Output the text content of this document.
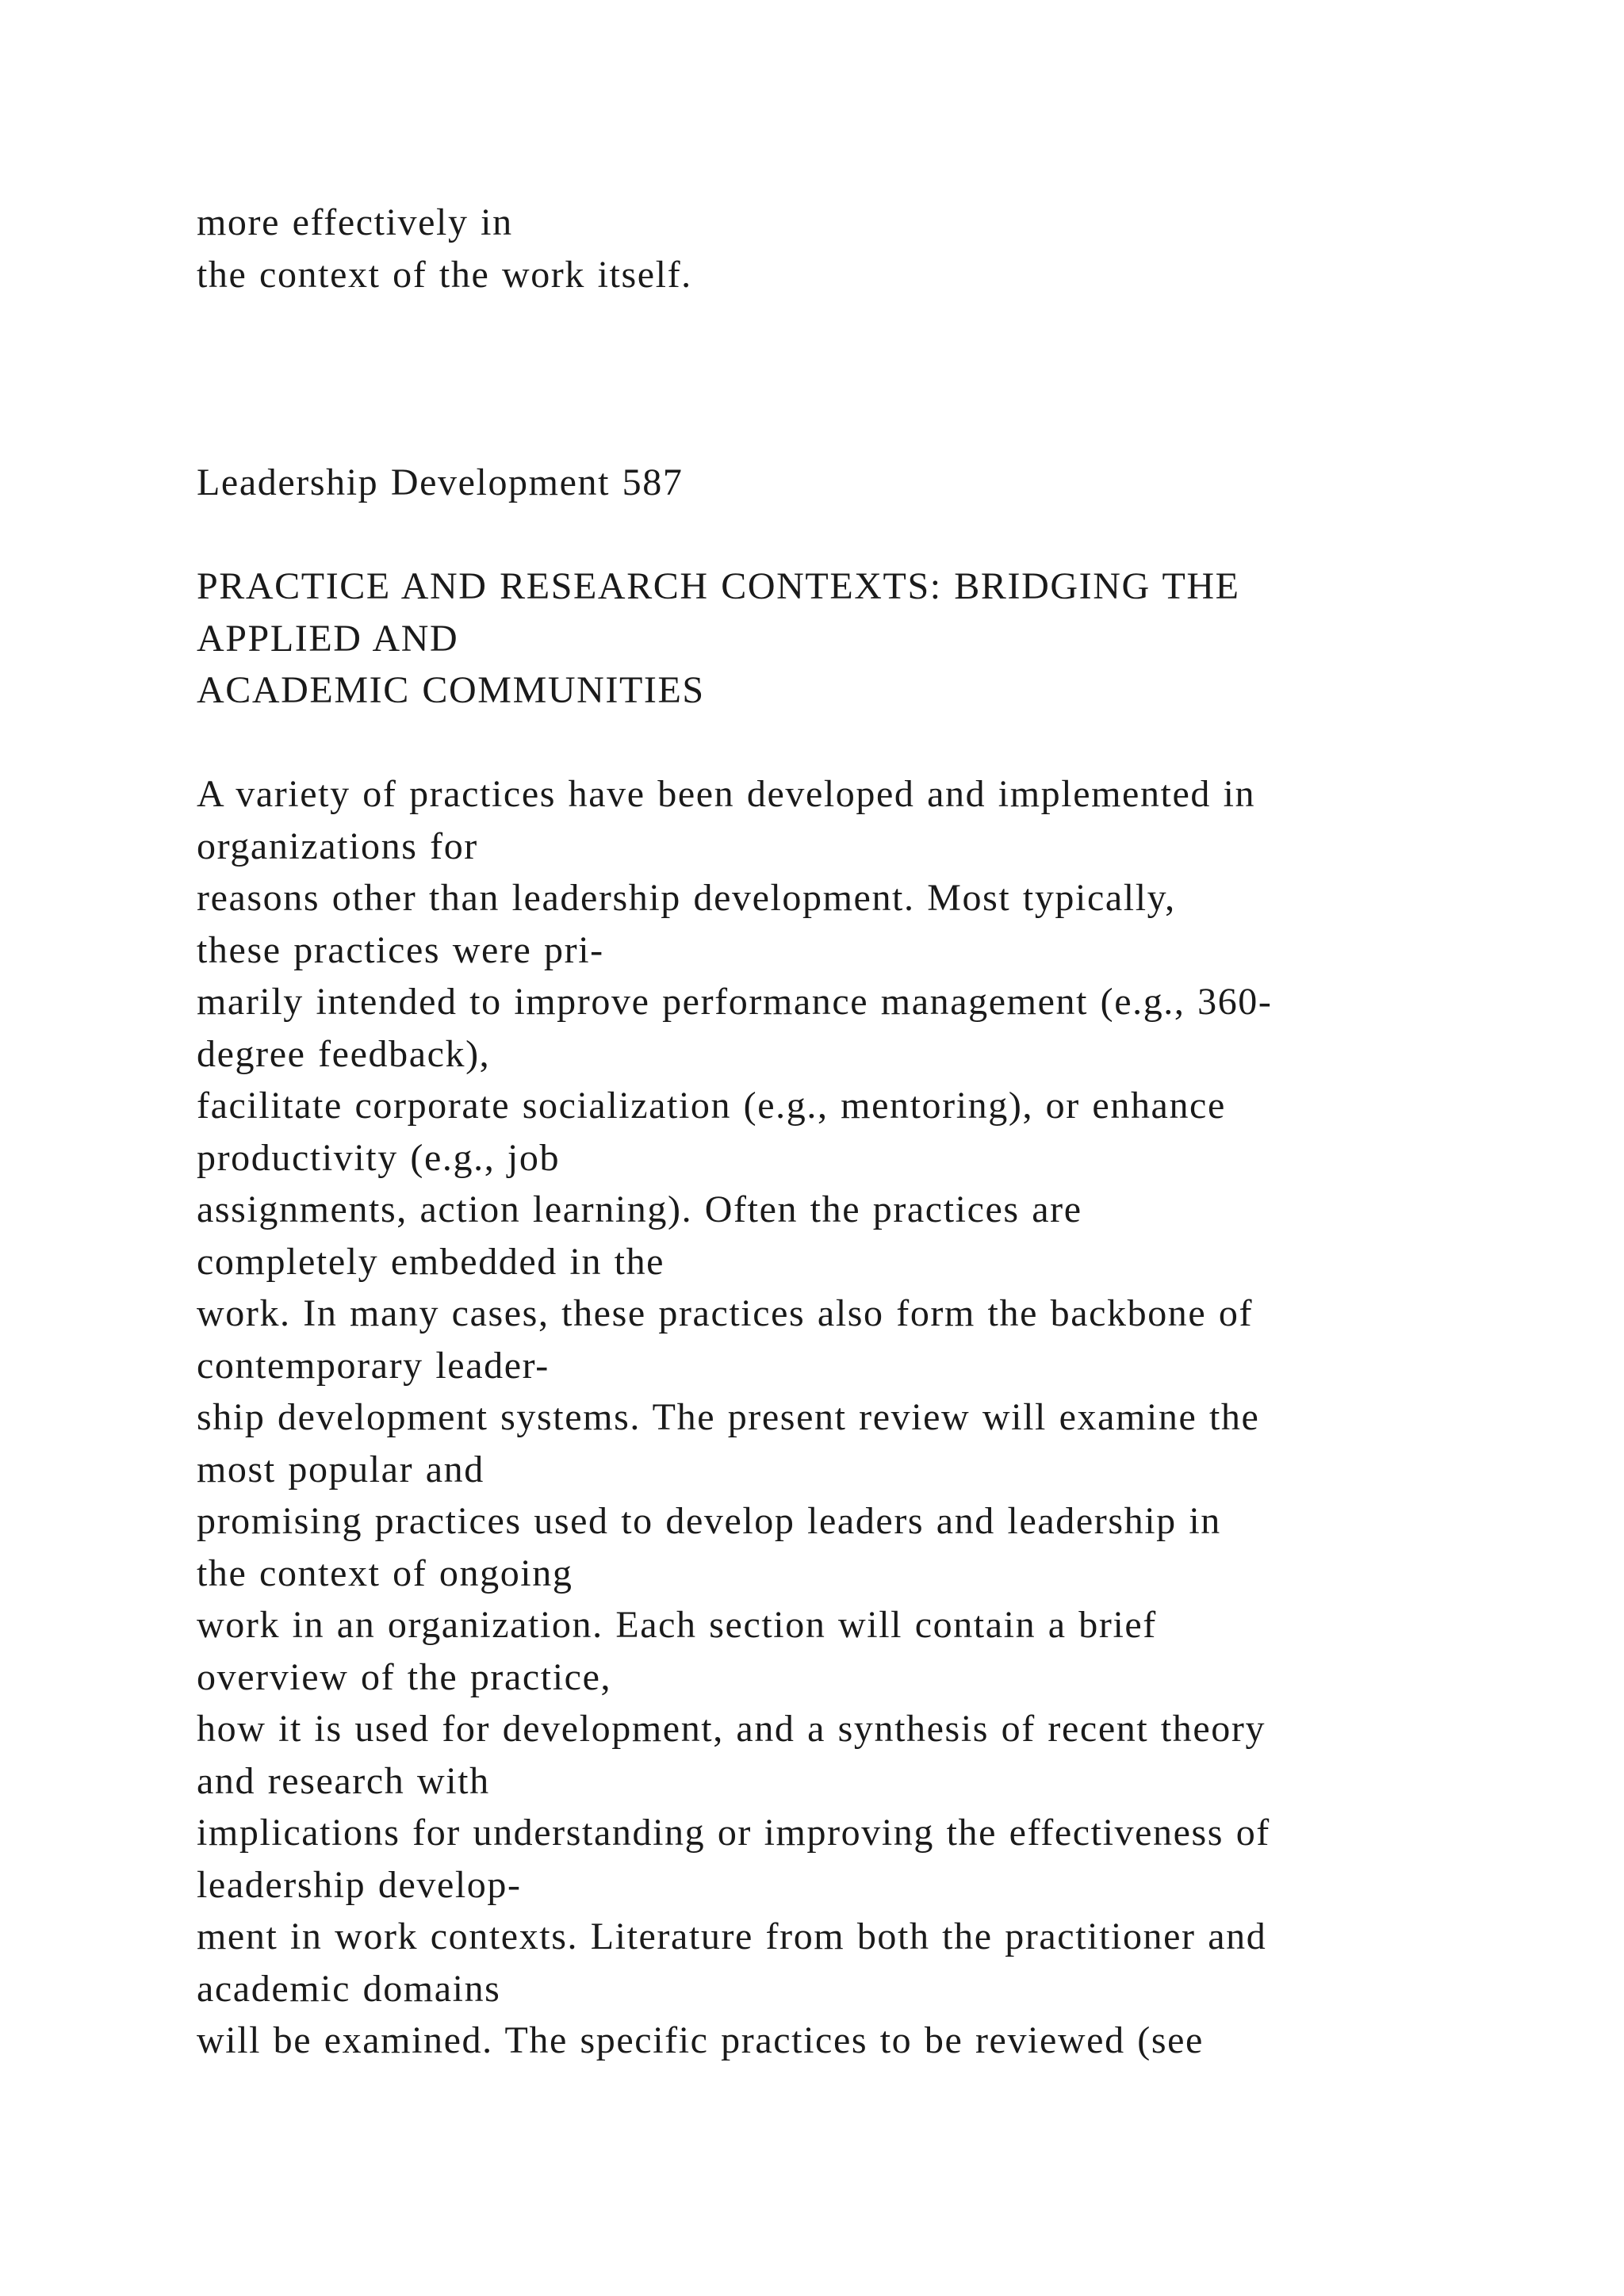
more effectively in
the context of the work itself.
Leadership Development 587
PRACTICE AND RESEARCH CONTEXTS: BRIDGING THE
APPLIED AND
ACADEMIC COMMUNITIES
A variety of practices have been developed and implemented in
organizations for
reasons other than leadership development. Most typically,
these practices were pri-
marily intended to improve performance management (e.g., 360-
degree feedback),
facilitate corporate socialization (e.g., mentoring), or enhance
productivity (e.g., job
assignments, action learning). Often the practices are
completely embedded in the
work. In many cases, these practices also form the backbone of
contemporary leader-
ship development systems. The present review will examine the
most popular and
promising practices used to develop leaders and leadership in
the context of ongoing
work in an organization. Each section will contain a brief
overview of the practice,
how it is used for development, and a synthesis of recent theory
and research with
implications for understanding or improving the effectiveness of
leadership develop-
ment in work contexts. Literature from both the practitioner and
academic domains
will be examined. The specific practices to be reviewed (see
